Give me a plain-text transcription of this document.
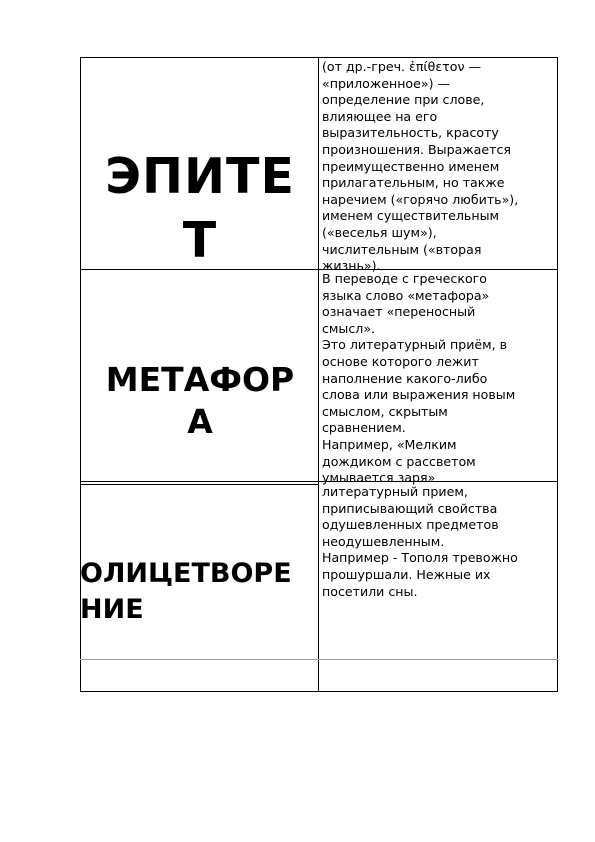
ЭПИТЕ
Т
(от др.-греч. ἐπίθετον —
«приложенное») —
определение при слове,
влияющее на его
выразительность, красоту
произношения. Выражается
преимущественно именем
прилагательным, но также
наречием («горячо любить»),
именем существительным
(«веселья шум»),
числительным («вторая
жизнь»).
МЕТАФОР
А
В переводе с греческого
языка слово «метафора»
означает «переносный
смысл».
Это литературный приём, в
основе которого лежит
наполнение какого-либо
слова или выражения новым
смыслом, скрытым
сравнением.
Например, «Мелким
дождиком с рассветом
умывается заря»
ОЛИЦЕТВОРЕ
НИЕ
литературный прием,
приписывающий свойства
одушевленных предметов
неодушевленным.
Например - Тополя тревожно
прошуршали. Нежные их
посетили сны.
